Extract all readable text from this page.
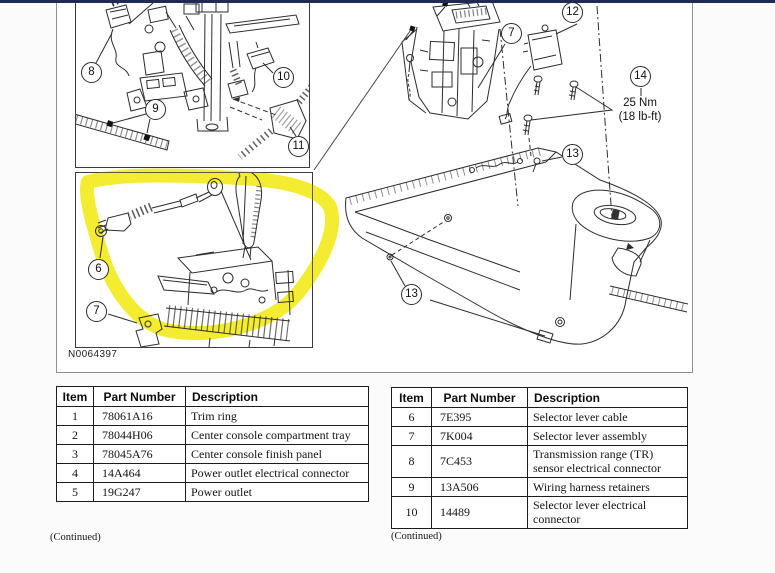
8
9
10
11
6
7
7
12
14
13
13
25 Nm
(18 lb-ft)
N0064397
Item	Part Number	Description
1	78061A16	Trim ring
2	78044H06	Center console compartment tray
3	78045A76	Center console finish panel
4	14A464	Power outlet electrical connector
5	19G247	Power outlet
(Continued)
Item	Part Number	Description
6	7E395	Selector lever cable
7	7K004	Selector lever assembly
8	7C453	Transmission range (TR) sensor electrical connector
9	13A506	Wiring harness retainers
10	14489	Selector lever electrical connector
(Continued)
